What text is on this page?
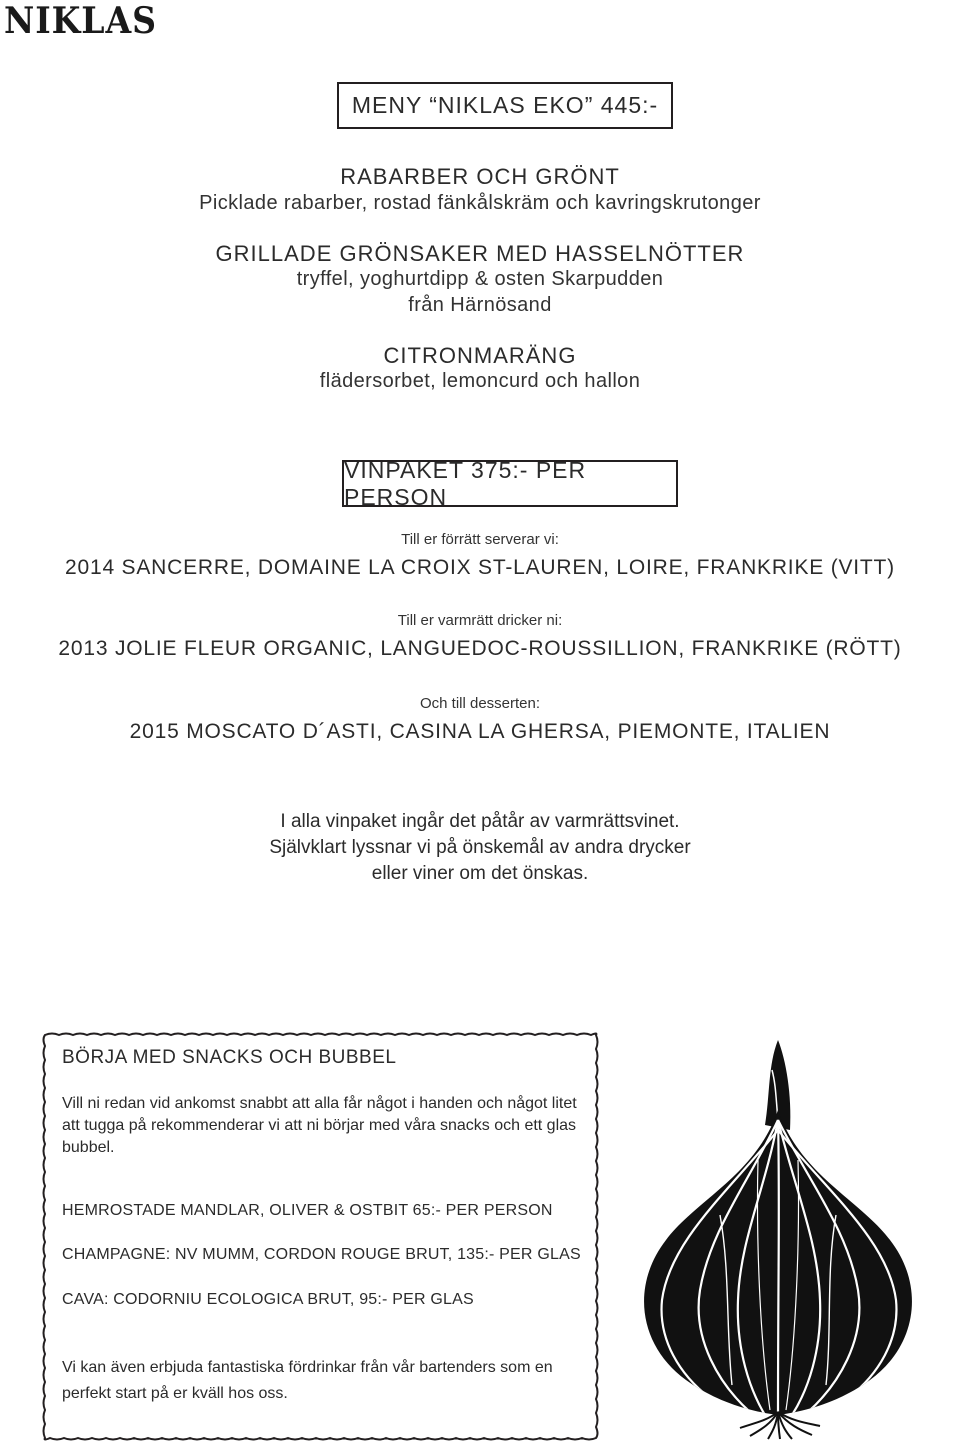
NIKLAS
MENY “NIKLAS EKO” 445:-
RABARBER OCH GRÖNT
Picklade rabarber, rostad fänkålskräm och kavringskrutonger
GRILLADE GRÖNSAKER MED HASSELNÖTTER
tryffel, yoghurtdipp & osten Skarpudden
från Härnösand
CITRONMARÄNG
flädersorbet, lemoncurd och hallon
VINPAKET 375:- PER PERSON
Till er förrätt serverar vi:
2014 SANCERRE, DOMAINE LA CROIX ST-LAUREN, LOIRE, FRANKRIKE (VITT)
Till er varmrätt dricker ni:
2013 JOLIE FLEUR ORGANIC, LANGUEDOC-ROUSSILLION, FRANKRIKE (RÖTT)
Och till desserten:
2015 MOSCATO D´ASTI, CASINA LA GHERSA, PIEMONTE, ITALIEN
I alla vinpaket ingår det påtår av varmrättsvinet.
Självklart lyssnar vi på önskemål av andra drycker
eller viner om det önskas.
BÖRJA MED SNACKS OCH BUBBEL
Vill ni redan vid ankomst snabbt att alla får något i handen och något litet att tugga på rekommenderar vi att ni börjar med våra snacks och ett glas bubbel.
HEMROSTADE MANDLAR, OLIVER & OSTBIT 65:- PER PERSON
CHAMPAGNE: NV MUMM, CORDON ROUGE BRUT, 135:- PER GLAS
CAVA: CODORNIU ECOLOGICA BRUT, 95:- PER GLAS
Vi kan även erbjuda fantastiska fördrinkar från vår bartenders som en perfekt start på er kväll hos oss.
